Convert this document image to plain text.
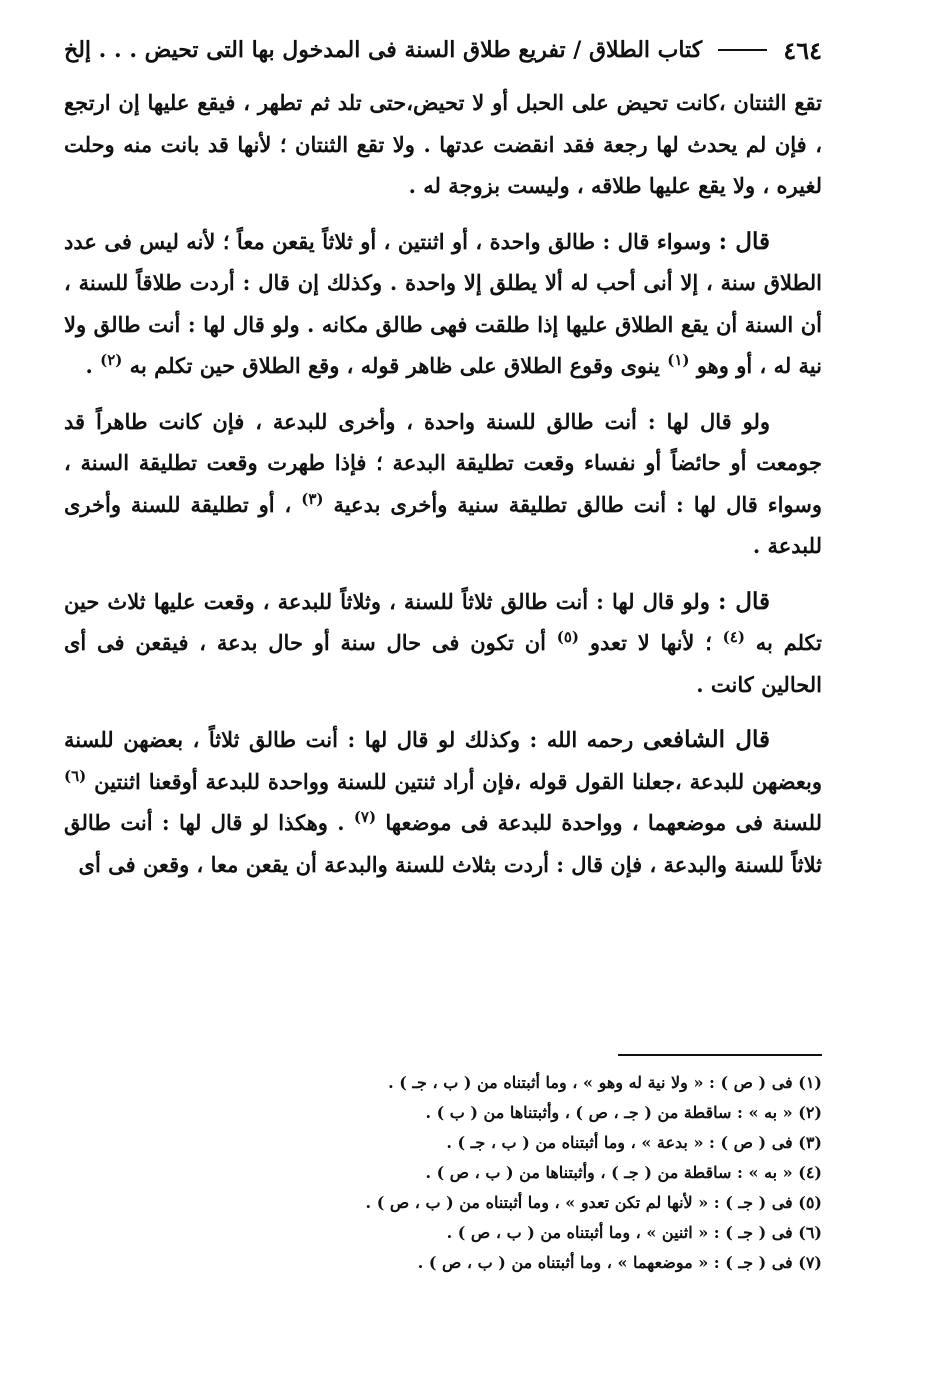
٤٦٤
كتاب الطلاق / تفريع طلاق السنة فى المدخول بها التى تحيض . . . إلخ

تقع الثنتان ،كانت تحيض على الحبل أو لا تحيض،حتى تلد ثم تطهر ، فيقع عليها إن ارتجع ، فإن لم يحدث لها رجعة فقد انقضت عدتها . ولا تقع الثنتان ؛ لأنها قد بانت منه وحلت لغيره ، ولا يقع عليها طلاقه ، وليست بزوجة له .

قال : وسواء قال : طالق واحدة ، أو اثنتين ، أو ثلاثاً يقعن معاً ؛ لأنه ليس فى عدد الطلاق سنة ، إلا أنى أحب له ألا يطلق إلا واحدة . وكذلك إن قال : أردت طلاقاً للسنة ، أن السنة أن يقع الطلاق عليها إذا طلقت فهى طالق مكانه . ولو قال لها : أنت طالق ولا نية له ، أو وهو $^{(١)}$ ينوى وقوع الطلاق على ظاهر قوله ، وقع الطلاق حين تكلم به $^{(٢)}$ .

ولو قال لها : أنت طالق للسنة واحدة ، وأخرى للبدعة ، فإن كانت طاهراً قد جومعت أو حائضاً أو نفساء وقعت تطليقة البدعة ؛ فإذا طهرت وقعت تطليقة السنة ، وسواء قال لها : أنت طالق تطليقة سنية وأخرى بدعية $^{(٣)}$ ، أو تطليقة للسنة وأخرى للبدعة .

قال : ولو قال لها : أنت طالق ثلاثاً للسنة ، وثلاثاً للبدعة ، وقعت عليها ثلاث حين تكلم به $^{(٤)}$ ؛ لأنها لا تعدو $^{(٥)}$ أن تكون فى حال سنة أو حال بدعة ، فيقعن فى أى الحالين كانت .

قال الشافعى رحمه الله : وكذلك لو قال لها : أنت طالق ثلاثاً ، بعضهن للسنة وبعضهن للبدعة ،جعلنا القول قوله ،فإن أراد ثنتين للسنة وواحدة للبدعة أوقعنا اثنتين $^{(٦)}$ للسنة فى موضعهما ، وواحدة للبدعة فى موضعها $^{(٧)}$ . وهكذا لو قال لها : أنت طالق ثلاثاً للسنة والبدعة ، فإن قال : أردت بثلاث للسنة والبدعة أن يقعن معا ، وقعن فى أى

(١) فى ( ص ) : « ولا نية له وهو » ، وما أثبتناه من ( ب ، جـ ) .
(٢) « به » : ساقطة من ( جـ ، ص ) ، وأثبتناها من ( ب ) .
(٣) فى ( ص ) : « بدعة » ، وما أثبتناه من ( ب ، جـ ) .
(٤) « به » : ساقطة من ( جـ ) ، وأثبتناها من ( ب ، ص ) .
(٥) فى ( جـ ) : « لأنها لم تكن تعدو » ، وما أثبتناه من ( ب ، ص ) .
(٦) فى ( جـ ) : « اثنين » ، وما أثبتناه من ( ب ، ص ) .
(٧) فى ( جـ ) : « موضعهما » ، وما أثبتناه من ( ب ، ص ) .
